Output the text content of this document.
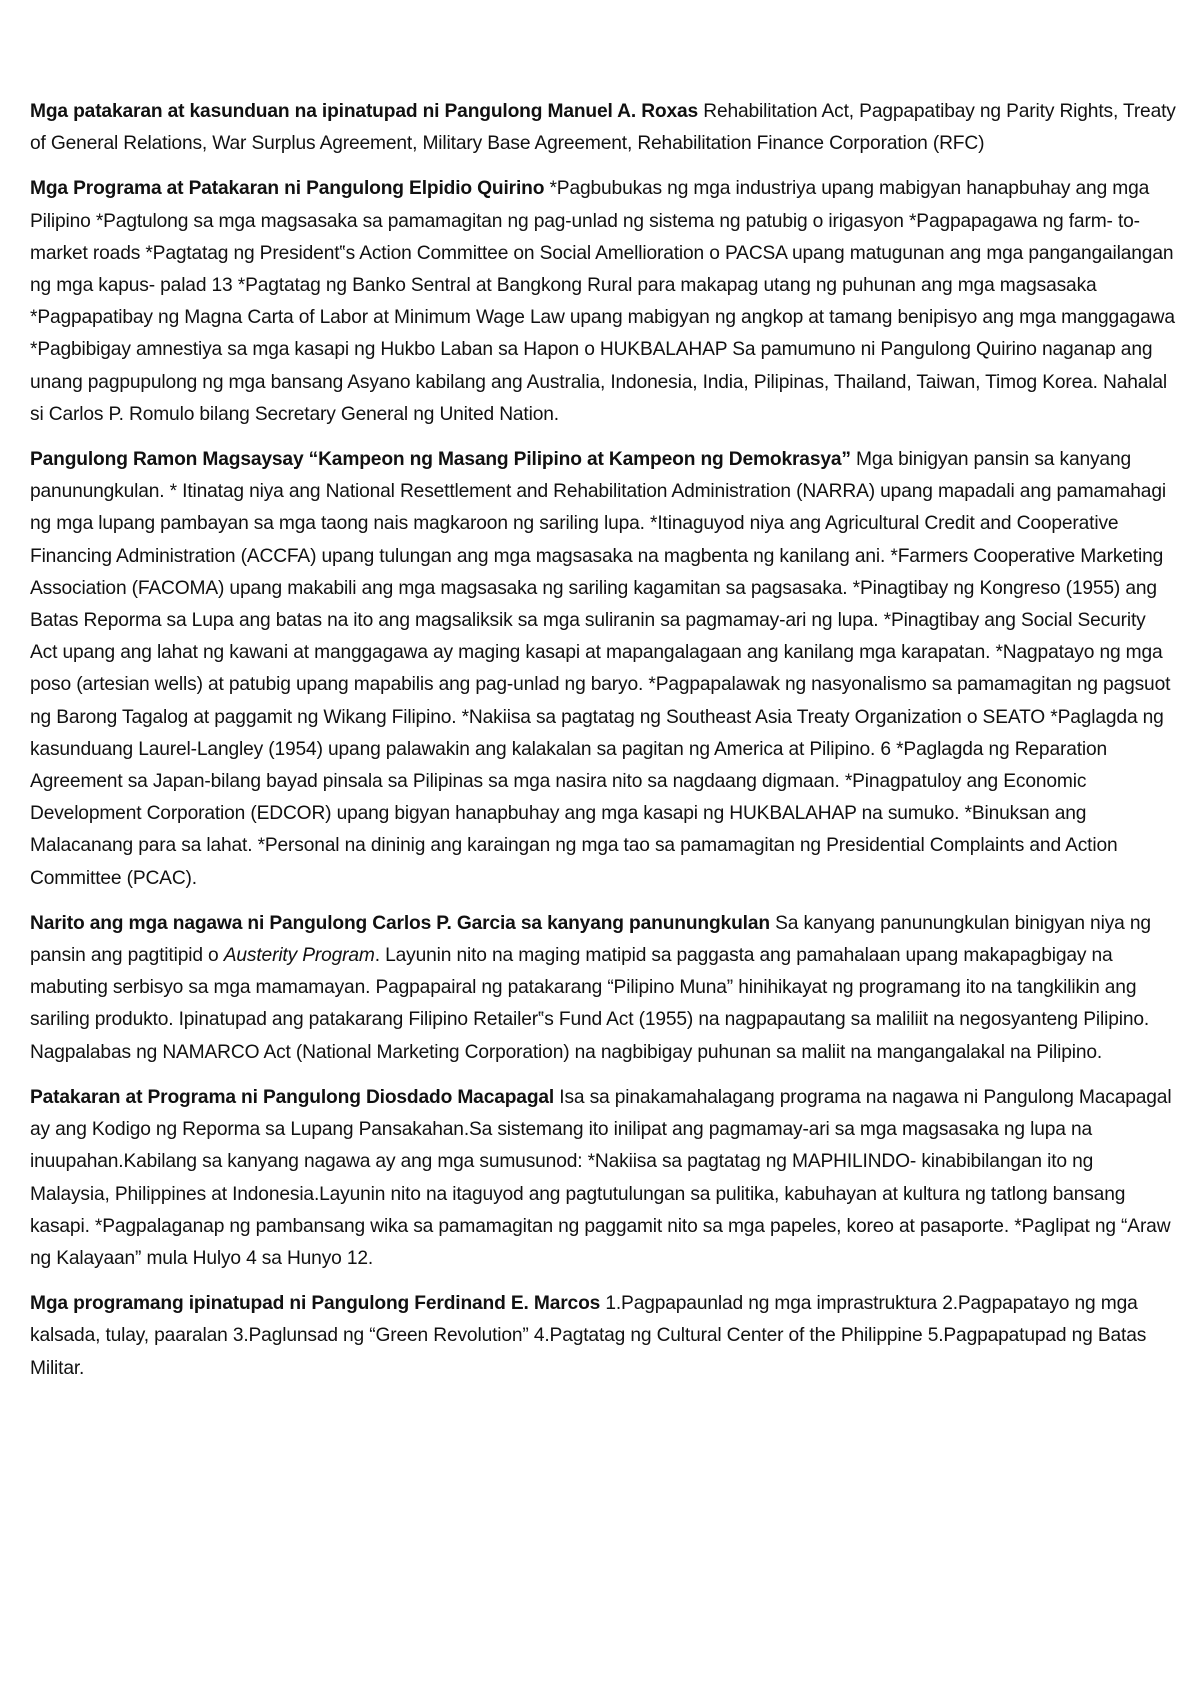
Mga patakaran at kasunduan na ipinatupad ni Pangulong Manuel A. Roxas Rehabilitation Act, Pagpapatibay ng Parity Rights, Treaty of General Relations, War Surplus Agreement, Military Base Agreement, Rehabilitation Finance Corporation (RFC)

Mga Programa at Patakaran ni Pangulong Elpidio Quirino *Pagbubukas ng mga industriya upang mabigyan hanapbuhay ang mga Pilipino *Pagtulong sa mga magsasaka sa pamamagitan ng pag-unlad ng sistema ng patubig o irigasyon *Pagpapagawa ng farm- to- market roads *Pagtatag ng President‟s Action Committee on Social Amellioration o PACSA upang matugunan ang mga pangangailangan ng mga kapus- palad 13 *Pagtatag ng Banko Sentral at Bangkong Rural para makapag utang ng puhunan ang mga magsasaka *Pagpapatibay ng Magna Carta of Labor at Minimum Wage Law upang mabigyan ng angkop at tamang benipisyo ang mga manggagawa *Pagbibigay amnestiya sa mga kasapi ng Hukbo Laban sa Hapon o HUKBALAHAP Sa pamumuno ni Pangulong Quirino naganap ang unang pagpupulong ng mga bansang Asyano kabilang ang Australia, Indonesia, India, Pilipinas, Thailand, Taiwan, Timog Korea. Nahalal si Carlos P. Romulo bilang Secretary General ng United Nation.

Pangulong Ramon Magsaysay “Kampeon ng Masang Pilipino at Kampeon ng Demokrasya” Mga binigyan pansin sa kanyang panunungkulan. * Itinatag niya ang National Resettlement and Rehabilitation Administration (NARRA) upang mapadali ang pamamahagi ng mga lupang pambayan sa mga taong nais magkaroon ng sariling lupa. *Itinaguyod niya ang Agricultural Credit and Cooperative Financing Administration (ACCFA) upang tulungan ang mga magsasaka na magbenta ng kanilang ani. *Farmers Cooperative Marketing Association (FACOMA) upang makabili ang mga magsasaka ng sariling kagamitan sa pagsasaka. *Pinagtibay ng Kongreso (1955) ang Batas Reporma sa Lupa ang batas na ito ang magsaliksik sa mga suliranin sa pagmamay-ari ng lupa. *Pinagtibay ang Social Security Act upang ang lahat ng kawani at manggagawa ay maging kasapi at mapangalagaan ang kanilang mga karapatan. *Nagpatayo ng mga poso (artesian wells) at patubig upang mapabilis ang pag-unlad ng baryo. *Pagpapalawak ng nasyonalismo sa pamamagitan ng pagsuot ng Barong Tagalog at paggamit ng Wikang Filipino. *Nakiisa sa pagtatag ng Southeast Asia Treaty Organization o SEATO *Paglagda ng kasunduang Laurel-Langley (1954) upang palawakin ang kalakalan sa pagitan ng America at Pilipino. 6 *Paglagda ng Reparation Agreement sa Japan-bilang bayad pinsala sa Pilipinas sa mga nasira nito sa nagdaang digmaan. *Pinagpatuloy ang Economic Development Corporation (EDCOR) upang bigyan hanapbuhay ang mga kasapi ng HUKBALAHAP na sumuko. *Binuksan ang Malacanang para sa lahat. *Personal na dininig ang karaingan ng mga tao sa pamamagitan ng Presidential Complaints and Action Committee (PCAC).

Narito ang mga nagawa ni Pangulong Carlos P. Garcia sa kanyang panunungkulan Sa kanyang panunungkulan binigyan niya ng pansin ang pagtitipid o Austerity Program. Layunin nito na maging matipid sa paggasta ang pamahalaan upang makapagbigay na mabuting serbisyo sa mga mamamayan. Pagpapairal ng patakarang “Pilipino Muna” hinihikayat ng programang ito na tangkilikin ang sariling produkto. Ipinatupad ang patakarang Filipino Retailer‟s Fund Act (1955) na nagpapautang sa maliliit na negosyanteng Pilipino. Nagpalabas ng NAMARCO Act (National Marketing Corporation) na nagbibigay puhunan sa maliit na mangangalakal na Pilipino.

Patakaran at Programa ni Pangulong Diosdado Macapagal Isa sa pinakamahalagang programa na nagawa ni Pangulong Macapagal ay ang Kodigo ng Reporma sa Lupang Pansakahan.Sa sistemang ito inilipat ang pagmamay-ari sa mga magsasaka ng lupa na inuupahan.Kabilang sa kanyang nagawa ay ang mga sumusunod: *Nakiisa sa pagtatag ng MAPHILINDO- kinabibilangan ito ng Malaysia, Philippines at Indonesia.Layunin nito na itaguyod ang pagtutulungan sa pulitika, kabuhayan at kultura ng tatlong bansang kasapi. *Pagpalaganap ng pambansang wika sa pamamagitan ng paggamit nito sa mga papeles, koreo at pasaporte. *Paglipat ng “Araw ng Kalayaan” mula Hulyo 4 sa Hunyo 12.

Mga programang ipinatupad ni Pangulong Ferdinand E. Marcos 1.Pagpapaunlad ng mga imprastruktura 2.Pagpapatayo ng mga kalsada, tulay, paaralan 3.Paglunsad ng “Green Revolution” 4.Pagtatag ng Cultural Center of the Philippine 5.Pagpapatupad ng Batas Militar.
